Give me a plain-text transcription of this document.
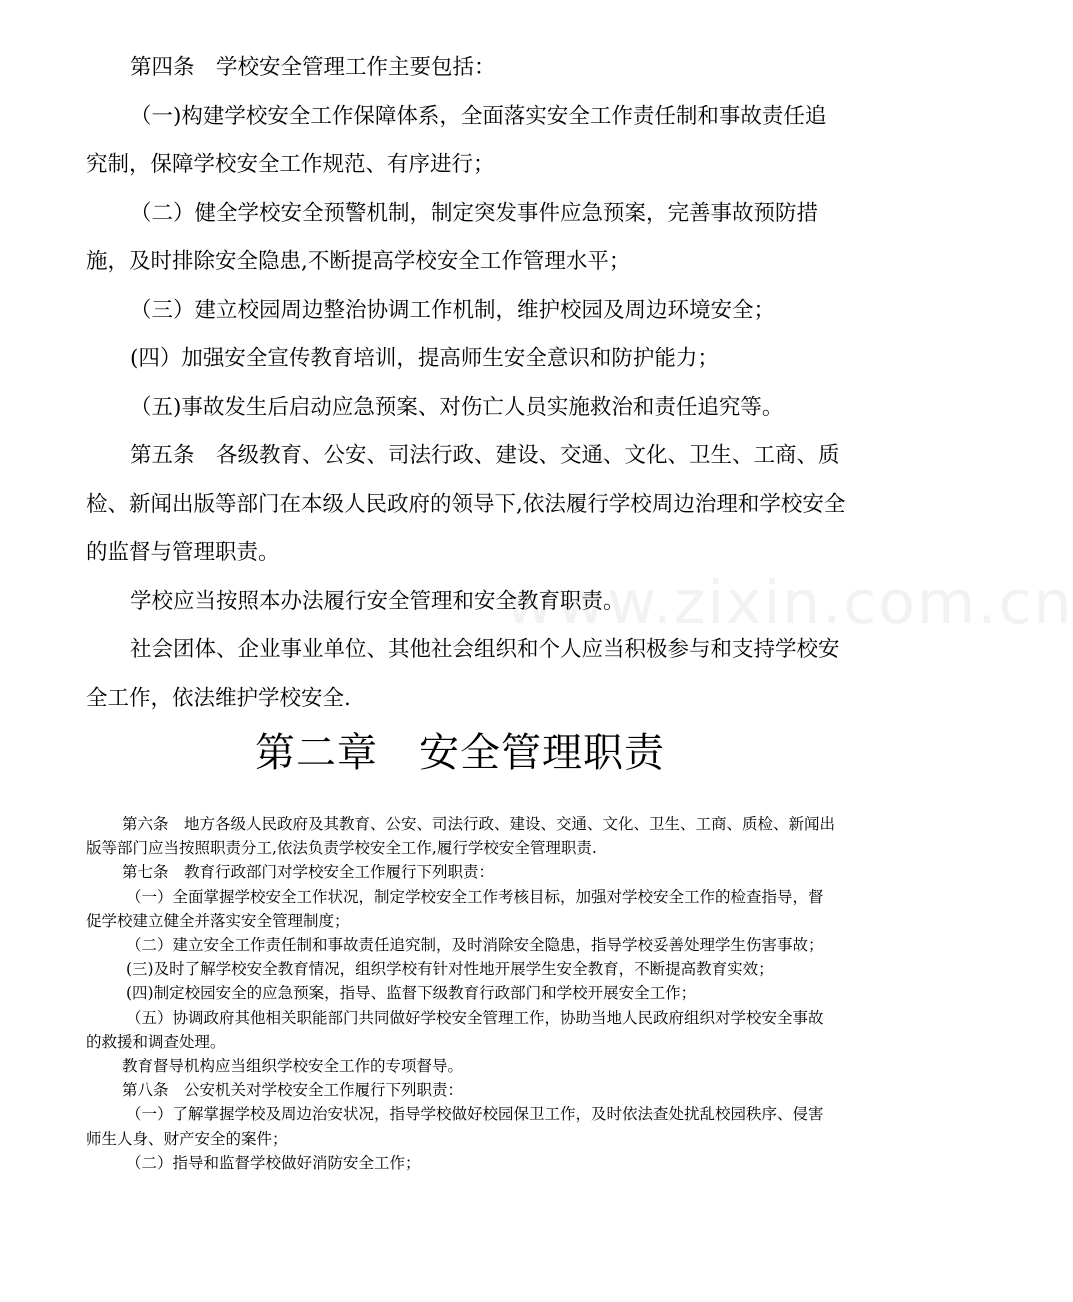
www.zixin.com.cn

第四条　学校安全管理工作主要包括：

（一)构建学校安全工作保障体系，全面落实安全工作责任制和事故责任追究制，保障学校安全工作规范、有序进行；

（二）健全学校安全预警机制，制定突发事件应急预案，完善事故预防措施，及时排除安全隐患,不断提高学校安全工作管理水平；

（三）建立校园周边整治协调工作机制，维护校园及周边环境安全；

(四）加强安全宣传教育培训，提高师生安全意识和防护能力；

（五)事故发生后启动应急预案、对伤亡人员实施救治和责任追究等。

第五条　各级教育、公安、司法行政、建设、交通、文化、卫生、工商、质检、新闻出版等部门在本级人民政府的领导下,依法履行学校周边治理和学校安全的监督与管理职责。

学校应当按照本办法履行安全管理和安全教育职责。

社会团体、企业事业单位、其他社会组织和个人应当积极参与和支持学校安全工作，依法维护学校安全.

第二章　安全管理职责

第六条　地方各级人民政府及其教育、公安、司法行政、建设、交通、文化、卫生、工商、质检、新闻出版等部门应当按照职责分工,依法负责学校安全工作,履行学校安全管理职责.

第七条　教育行政部门对学校安全工作履行下列职责：

（一）全面掌握学校安全工作状况，制定学校安全工作考核目标，加强对学校安全工作的检查指导，督促学校建立健全并落实安全管理制度；

（二）建立安全工作责任制和事故责任追究制，及时消除安全隐患，指导学校妥善处理学生伤害事故；

(三)及时了解学校安全教育情况，组织学校有针对性地开展学生安全教育，不断提高教育实效；

(四)制定校园安全的应急预案，指导、监督下级教育行政部门和学校开展安全工作；

（五）协调政府其他相关职能部门共同做好学校安全管理工作，协助当地人民政府组织对学校安全事故的救援和调查处理。

教育督导机构应当组织学校安全工作的专项督导。

第八条　公安机关对学校安全工作履行下列职责：

（一）了解掌握学校及周边治安状况，指导学校做好校园保卫工作，及时依法查处扰乱校园秩序、侵害师生人身、财产安全的案件；

（二）指导和监督学校做好消防安全工作；
